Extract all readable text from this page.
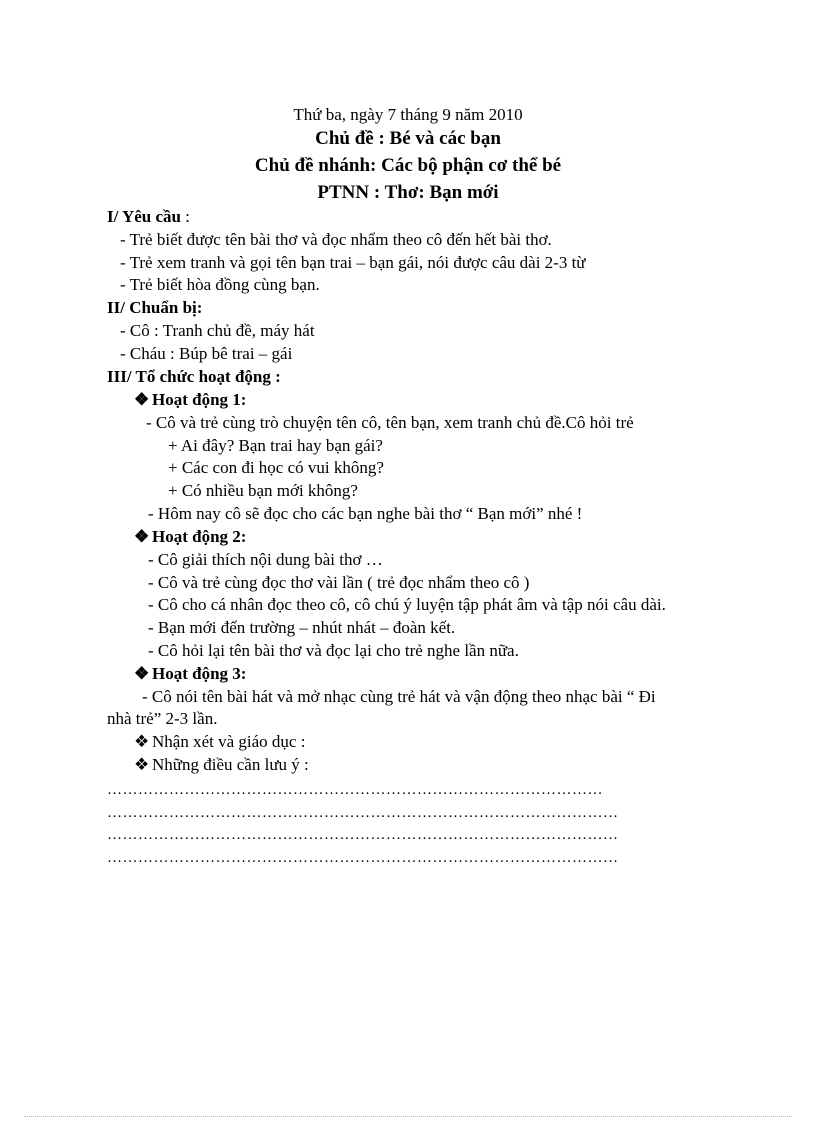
Thứ ba, ngày 7 tháng 9 năm 2010
Chủ đề : Bé và các bạn
Chủ đề nhánh: Các bộ phận cơ thể bé
PTNN : Thơ: Bạn mới
I/ Yêu cầu :
- Trẻ biết được tên bài thơ và đọc nhẩm theo cô đến hết bài thơ.
- Trẻ xem tranh và gọi tên bạn trai – bạn gái, nói được câu dài 2-3 từ
- Trẻ biết hòa đồng cùng bạn.
II/ Chuẩn bị:
- Cô : Tranh chủ đề, máy hát
- Cháu : Búp bê trai – gái
III/ Tổ chức hoạt động :
❖ Hoạt động 1:
- Cô và trẻ cùng trò chuyện tên cô, tên bạn, xem tranh chủ đề.Cô hỏi trẻ
+ Ai đây? Bạn trai hay bạn gái?
+ Các con đi học có vui không?
+ Có nhiều bạn mới không?
- Hôm nay cô sẽ đọc cho các bạn nghe bài thơ “ Bạn mới” nhé !
❖ Hoạt động 2:
- Cô giải thích nội dung bài thơ …
- Cô và trẻ cùng đọc thơ vài lần ( trẻ đọc nhẩm theo cô )
- Cô cho cá nhân đọc theo cô, cô chú ý luyện tập phát âm và tập nói câu dài.
- Bạn mới đến trường – nhút nhát – đoàn kết.
- Cô hỏi lại tên bài thơ và đọc lại cho trẻ nghe lần nữa.
❖ Hoạt động 3:
- Cô nói tên bài hát và mở nhạc cùng trẻ hát và vận động theo nhạc bài “ Đi
nhà trẻ” 2-3 lần.
❖ Nhận xét và giáo dục :
❖ Những điều cần lưu ý :
……………………………………………………………………………………
………………………………………………………………………………………
………………………………………………………………………………………
………………………………………………………………………………………
